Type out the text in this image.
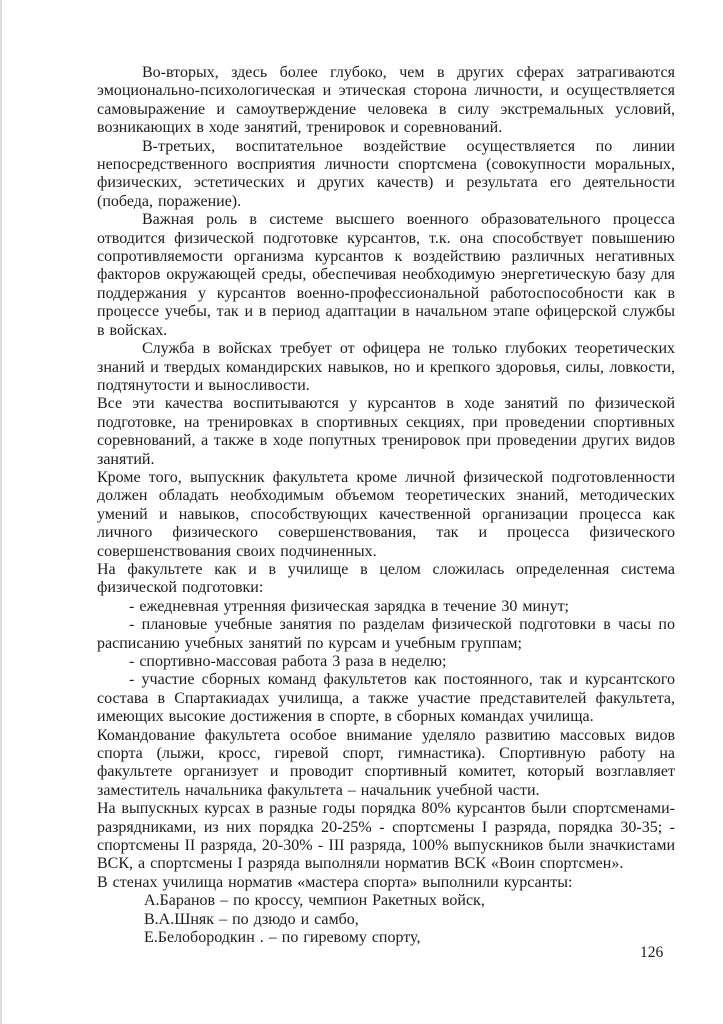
Во-вторых, здесь более глубоко, чем в других сферах затрагиваются эмоционально-психологическая и этическая сторона личности, и осуществляется самовыражение и самоутверждение человека в силу экстремальных условий, возникающих в ходе занятий, тренировок и соревнований.

В-третьих, воспитательное воздействие осуществляется по линии непосредственного восприятия личности спортсмена (совокупности моральных, физических, эстетических и других качеств) и результата его деятельности (победа, поражение).

Важная роль в системе высшего военного образовательного процесса отводится физической подготовке курсантов, т.к. она способствует повышению сопротивляемости организма курсантов к воздействию различных негативных факторов окружающей среды, обеспечивая необходимую энергетическую базу для поддержания у курсантов военно-профессиональной работоспособности как в процессе учебы, так и в период адаптации в начальном этапе офицерской службы в войсках.

Служба в войсках требует от офицера не только глубоких теоретических знаний и твердых командирских навыков, но и крепкого здоровья, силы, ловкости, подтянутости и выносливости.

Все эти качества воспитываются у курсантов в ходе занятий по физической подготовке, на тренировках в спортивных секциях, при проведении спортивных соревнований, а также в ходе попутных тренировок при проведении других видов занятий.

Кроме того, выпускник факультета кроме личной физической подготовленности должен обладать необходимым объемом теоретических знаний, методических умений и навыков, способствующих качественной организации процесса как личного физического совершенствования, так и процесса физического совершенствования своих подчиненных.

На факультете как и в училище в целом сложилась определенная система физической подготовки:

- ежедневная утренняя физическая зарядка в течение 30 минут;

- плановые учебные занятия по разделам физической подготовки в часы по расписанию учебных занятий по курсам и учебным группам;

- спортивно-массовая работа 3 раза в неделю;

- участие сборных команд факультетов как постоянного, так и курсантского состава в Спартакиадах училища, а также участие представителей факультета, имеющих высокие достижения в спорте, в сборных командах училища.

Командование факультета особое внимание уделяло развитию массовых видов спорта (лыжи, кросс, гиревой спорт, гимнастика). Спортивную работу на факультете организует и проводит спортивный комитет, который возглавляет заместитель начальника факультета – начальник учебной части.

На выпускных курсах в разные годы порядка 80% курсантов были спортсменами-разрядниками, из них порядка 20-25% - спортсмены I разряда, порядка 30-35; - спортсмены II разряда, 20-30% - III разряда, 100% выпускников были значкистами ВСК, а спортсмены I разряда выполняли норматив ВСК «Воин спортсмен».

В стенах училища норматив «мастера спорта» выполнили курсанты:

А.Баранов – по кроссу, чемпион Ракетных войск,

В.А.Шняк – по дзюдо и самбо,

Е.Белобородкин . – по гиревому спорту,

126
